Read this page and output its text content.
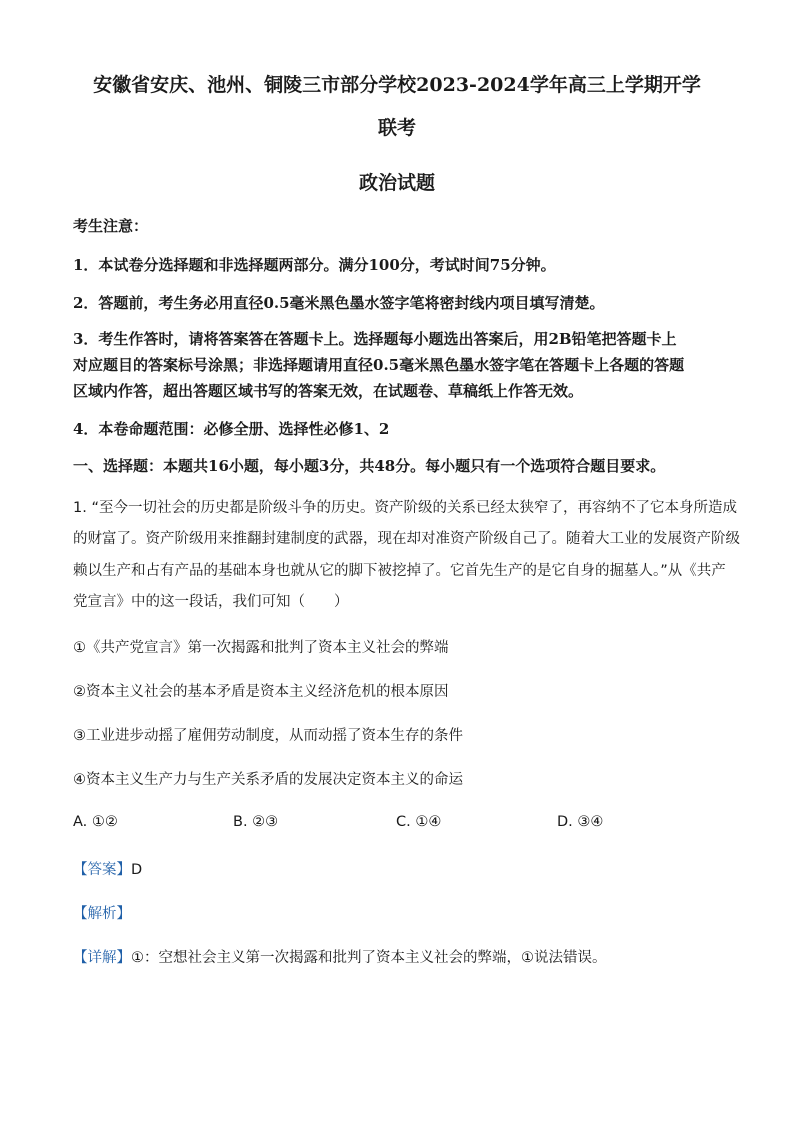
安徽省安庆、池州、铜陵三市部分学校2023-2024学年高三上学期开学
联考
政治试题
考生注意：
1．本试卷分选择题和非选择题两部分。满分100分，考试时间75分钟。
2．答题前，考生务必用直径0.5毫米黑色墨水签字笔将密封线内项目填写清楚。
3．考生作答时，请将答案答在答题卡上。选择题每小题选出答案后，用2B铅笔把答题卡上
对应题目的答案标号涂黑；非选择题请用直径0.5毫米黑色墨水签字笔在答题卡上各题的答题
区域内作答，超出答题区域书写的答案无效，在试题卷、草稿纸上作答无效。
4．本卷命题范围：必修全册、选择性必修1、2
一、选择题：本题共16小题，每小题3分，共48分。每小题只有一个选项符合题目要求。
1. “至今一切社会的历史都是阶级斗争的历史。资产阶级的关系已经太狭窄了，再容纳不了它本身所造成
的财富了。资产阶级用来推翻封建制度的武器，现在却对准资产阶级自己了。随着大工业的发展资产阶级
赖以生产和占有产品的基础本身也就从它的脚下被挖掉了。它首先生产的是它自身的掘墓人。”从《共产
党宣言》中的这一段话，我们可知（　　）
①《共产党宣言》第一次揭露和批判了资本主义社会的弊端
②资本主义社会的基本矛盾是资本主义经济危机的根本原因
③工业进步动摇了雇佣劳动制度，从而动摇了资本生存的条件
④资本主义生产力与生产关系矛盾的发展决定资本主义的命运
A. ①②	B. ②③	C. ①④	D. ③④
【答案】D
【解析】
【详解】①：空想社会主义第一次揭露和批判了资本主义社会的弊端，①说法错误。
